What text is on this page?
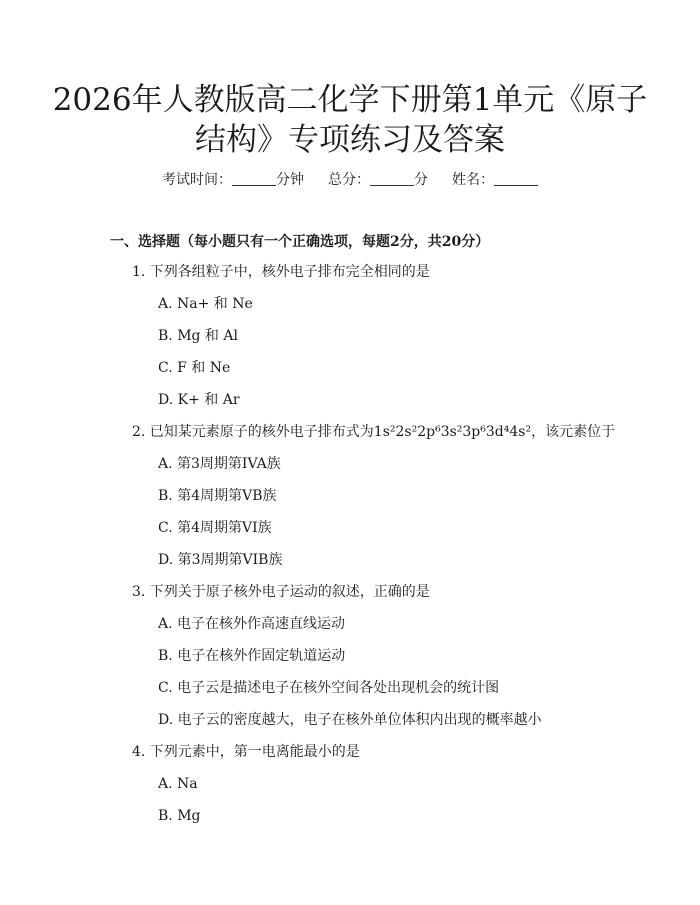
2026年人教版高二化学下册第1单元《原子
结构》专项练习及答案
考试时间：	分钟 总分：	分 姓名：
一、选择题（每小题只有一个正确选项，每题2分，共20分）
1. 下列各组粒子中，核外电子排布完全相同的是
A. Na+ 和 Ne
B. Mg 和 Al
C. F 和 Ne
D. K+ 和 Ar
2. 已知某元素原子的核外电子排布式为1s²2s²2p⁶3s²3p⁶3d⁴4s²，该元素位于
A. 第3周期第IVA族
B. 第4周期第VB族
C. 第4周期第VI族
D. 第3周期第VIB族
3. 下列关于原子核外电子运动的叙述，正确的是
A. 电子在核外作高速直线运动
B. 电子在核外作固定轨道运动
C. 电子云是描述电子在核外空间各处出现机会的统计图
D. 电子云的密度越大，电子在核外单位体积内出现的概率越小
4. 下列元素中，第一电离能最小的是
A. Na
B. Mg
